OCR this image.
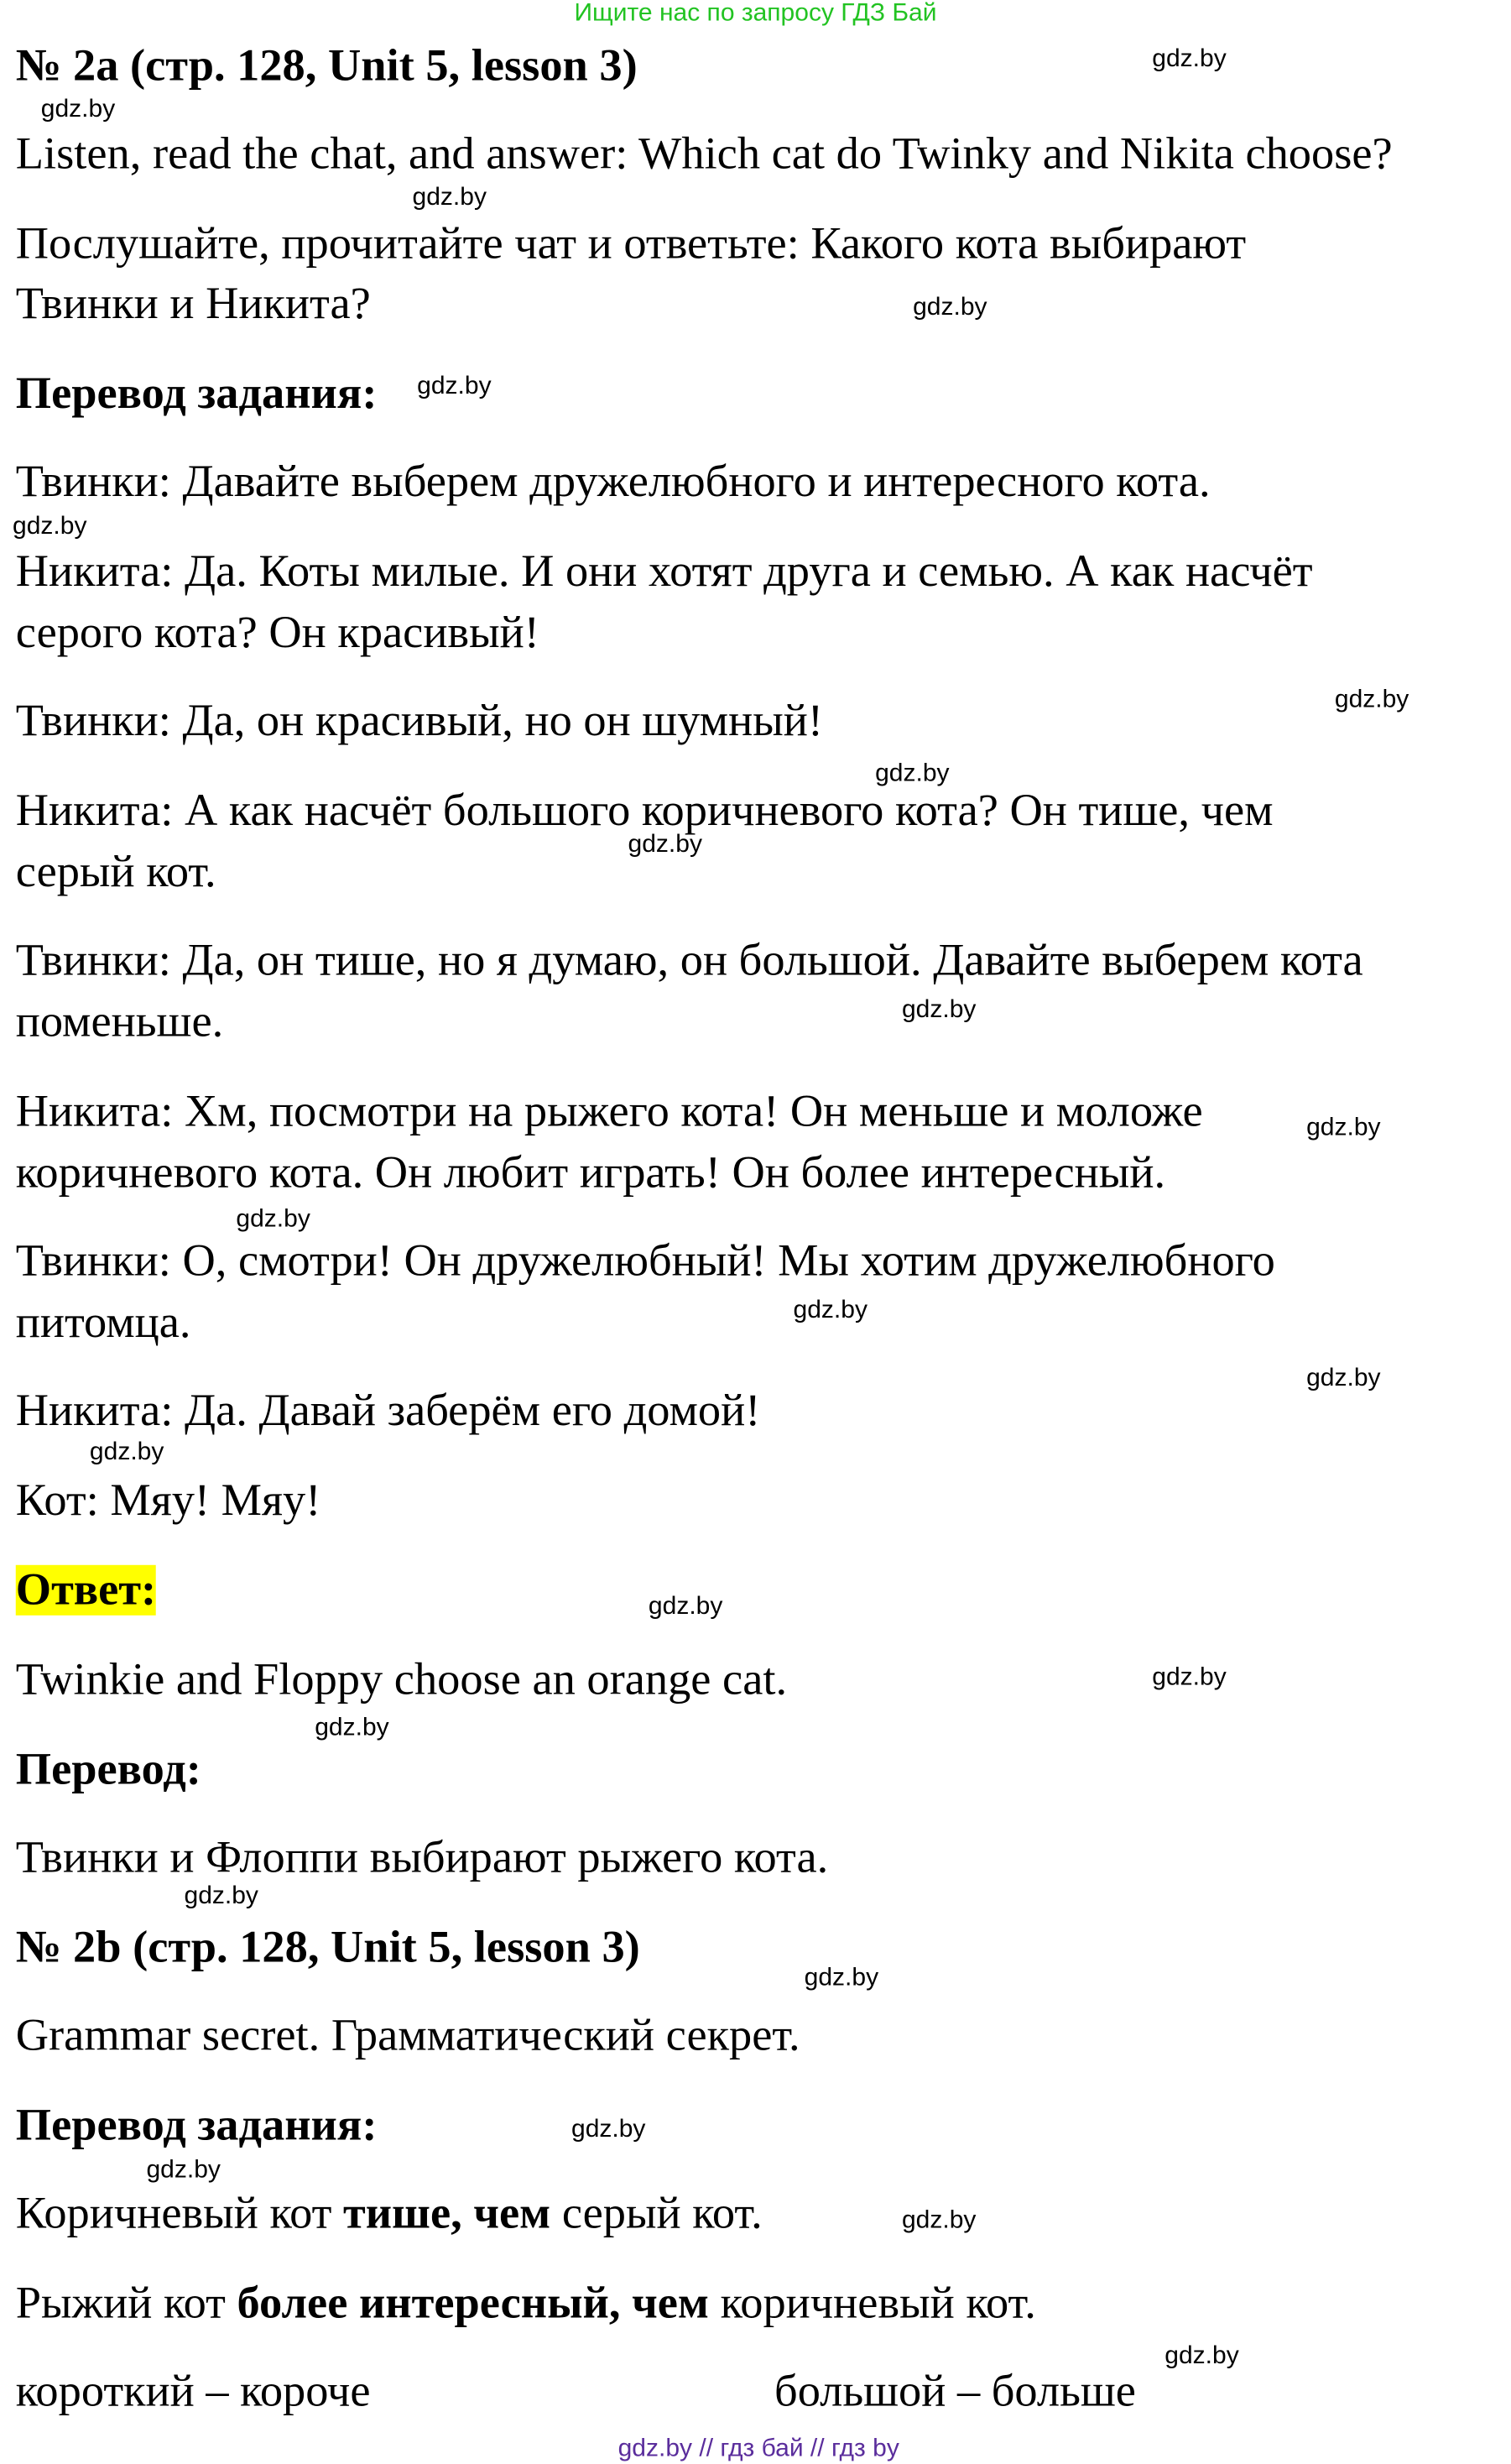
Ищите нас по запросу ГДЗ Бай
№ 2a (стр. 128, Unit 5, lesson 3)
Listen, read the chat, and answer: Which cat do Twinky and Nikita choose?
Послушайте, прочитайте чат и ответьте: Какого кота выбирают
Твинки и Никита?
Перевод задания:
Твинки: Давайте выберем дружелюбного и интересного кота.
Никита: Да. Коты милые. И они хотят друга и семью. А как насчёт
серого кота? Он красивый!
Твинки: Да, он красивый, но он шумный!
Никита: А как насчёт большого коричневого кота? Он тише, чем
серый кот.
Твинки: Да, он тише, но я думаю, он большой. Давайте выберем кота
поменьше.
Никита: Хм, посмотри на рыжего кота! Он меньше и моложе
коричневого кота. Он любит играть! Он более интересный.
Твинки: О, смотри! Он дружелюбный! Мы хотим дружелюбного
питомца.
Никита: Да. Давай заберём его домой!
Кот: Мяу! Мяу!
Ответ:
Twinkie and Floppy choose an orange cat.
Перевод:
Твинки и Флоппи выбирают рыжего кота.
№ 2b (стр. 128, Unit 5, lesson 3)
Grammar secret. Грамматический секрет.
Перевод задания:
Коричневый кот тише, чем серый кот.
Рыжий кот более интересный, чем коричневый кот.
короткий – короче	большой – больше
gdz.by
gdz.by
gdz.by
gdz.by
gdz.by
gdz.by
gdz.by
gdz.by
gdz.by
gdz.by
gdz.by
gdz.by
gdz.by
gdz.by
gdz.by
gdz.by
gdz.by
gdz.by
gdz.by
gdz.by
gdz.by
gdz.by
gdz.by
gdz.by
gdz.by // гдз бай // гдз by
